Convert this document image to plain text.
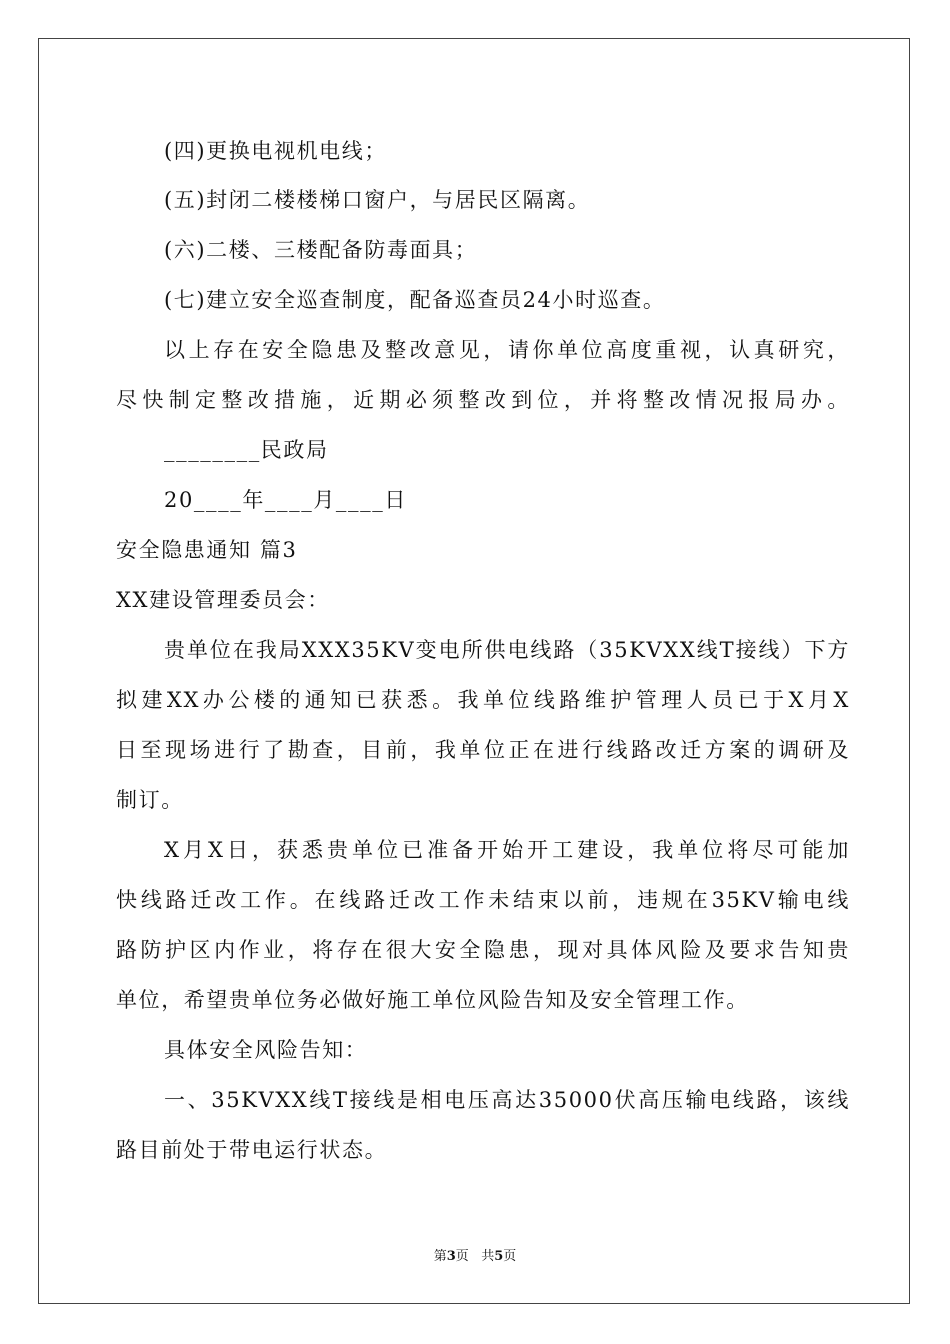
(四)更换电视机电线；
(五)封闭二楼楼梯口窗户，与居民区隔离。
(六)二楼、三楼配备防毒面具；
(七)建立安全巡查制度，配备巡查员24小时巡查。
以上存在安全隐患及整改意见，请你单位高度重视，认真研究，
尽快制定整改措施，近期必须整改到位，并将整改情况报局办。
________民政局
20____年____月____日
安全隐患通知 篇3
XX建设管理委员会：
贵单位在我局XXX35KV变电所供电线路（35KVXX线T接线）下方
拟建XX办公楼的通知已获悉。我单位线路维护管理人员已于X月X
日至现场进行了勘查，目前，我单位正在进行线路改迁方案的调研及
制订。
X月X日，获悉贵单位已准备开始开工建设，我单位将尽可能加
快线路迁改工作。在线路迁改工作未结束以前，违规在35KV输电线
路防护区内作业，将存在很大安全隐患，现对具体风险及要求告知贵
单位，希望贵单位务必做好施工单位风险告知及安全管理工作。
具体安全风险告知：
一、35KVXX线T接线是相电压高达35000伏高压输电线路，该线
路目前处于带电运行状态。
第3页 共5页
